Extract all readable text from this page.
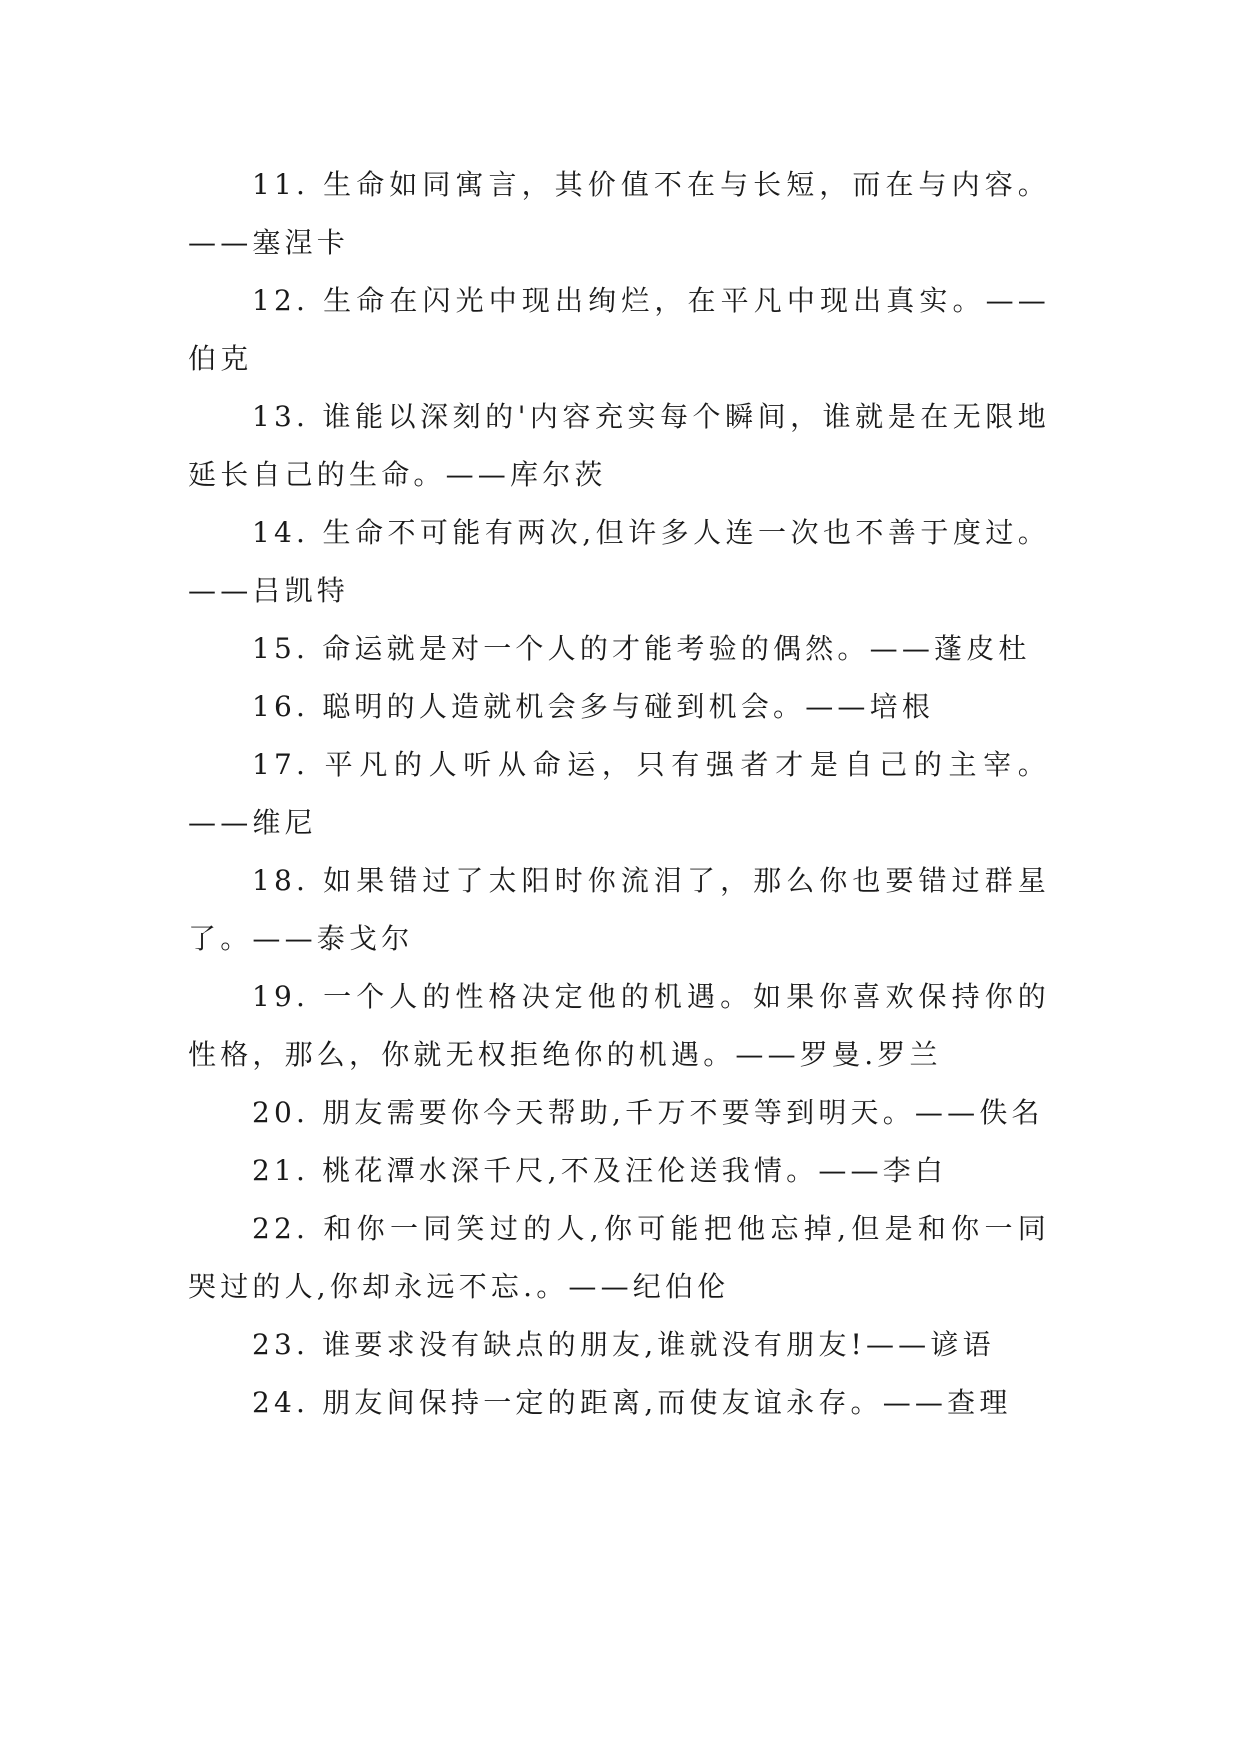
11. 生命如同寓言，其价值不在与长短，而在与内容。——塞涅卡

12. 生命在闪光中现出绚烂，在平凡中现出真实。——伯克

13. 谁能以深刻的'内容充实每个瞬间，谁就是在无限地延长自己的生命。——库尔茨

14. 生命不可能有两次,但许多人连一次也不善于度过。——吕凯特

15. 命运就是对一个人的才能考验的偶然。——蓬皮杜

16. 聪明的人造就机会多与碰到机会。——培根

17. 平凡的人听从命运，只有强者才是自己的主宰。——维尼

18. 如果错过了太阳时你流泪了，那么你也要错过群星了。——泰戈尔

19. 一个人的性格决定他的机遇。如果你喜欢保持你的性格，那么，你就无权拒绝你的机遇。——罗曼.罗兰

20. 朋友需要你今天帮助,千万不要等到明天。——佚名

21. 桃花潭水深千尺,不及汪伦送我情。——李白

22. 和你一同笑过的人,你可能把他忘掉,但是和你一同哭过的人,你却永远不忘.。——纪伯伦

23. 谁要求没有缺点的朋友,谁就没有朋友!——谚语

24. 朋友间保持一定的距离,而使友谊永存。——查理
